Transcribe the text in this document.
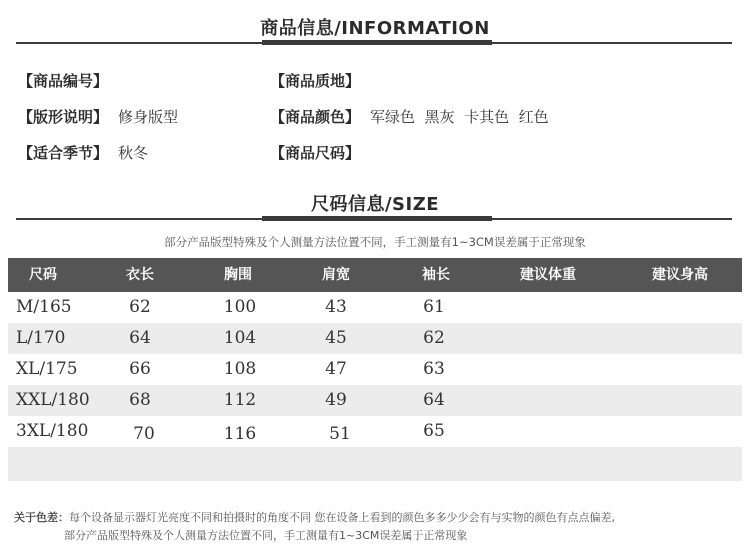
商品信息/INFORMATION
【商品编号】	【商品质地】
【版形说明】 修身版型	【商品颜色】 军绿色  黑灰  卡其色  红色
【适合季节】 秋冬	【商品尺码】
尺码信息/SIZE
部分产品版型特殊及个人测量方法位置不同，手工测量有1~3CM误差属于正常现象
尺码	衣长	胸围	肩宽	袖长	建议体重	建议身高
M/165	62	100	43	61
L/170	64	104	45	62
XL/175	66	108	47	63
XXL/180	68	112	49	64
3XL/180	70	116	51	65
关于色差：每个设备显示器灯光亮度不同和拍摄时的角度不同 您在设备上看到的颜色多多少少会有与实物的颜色有点点偏差,
部分产品版型特殊及个人测量方法位置不同，手工测量有1~3CM误差属于正常现象
